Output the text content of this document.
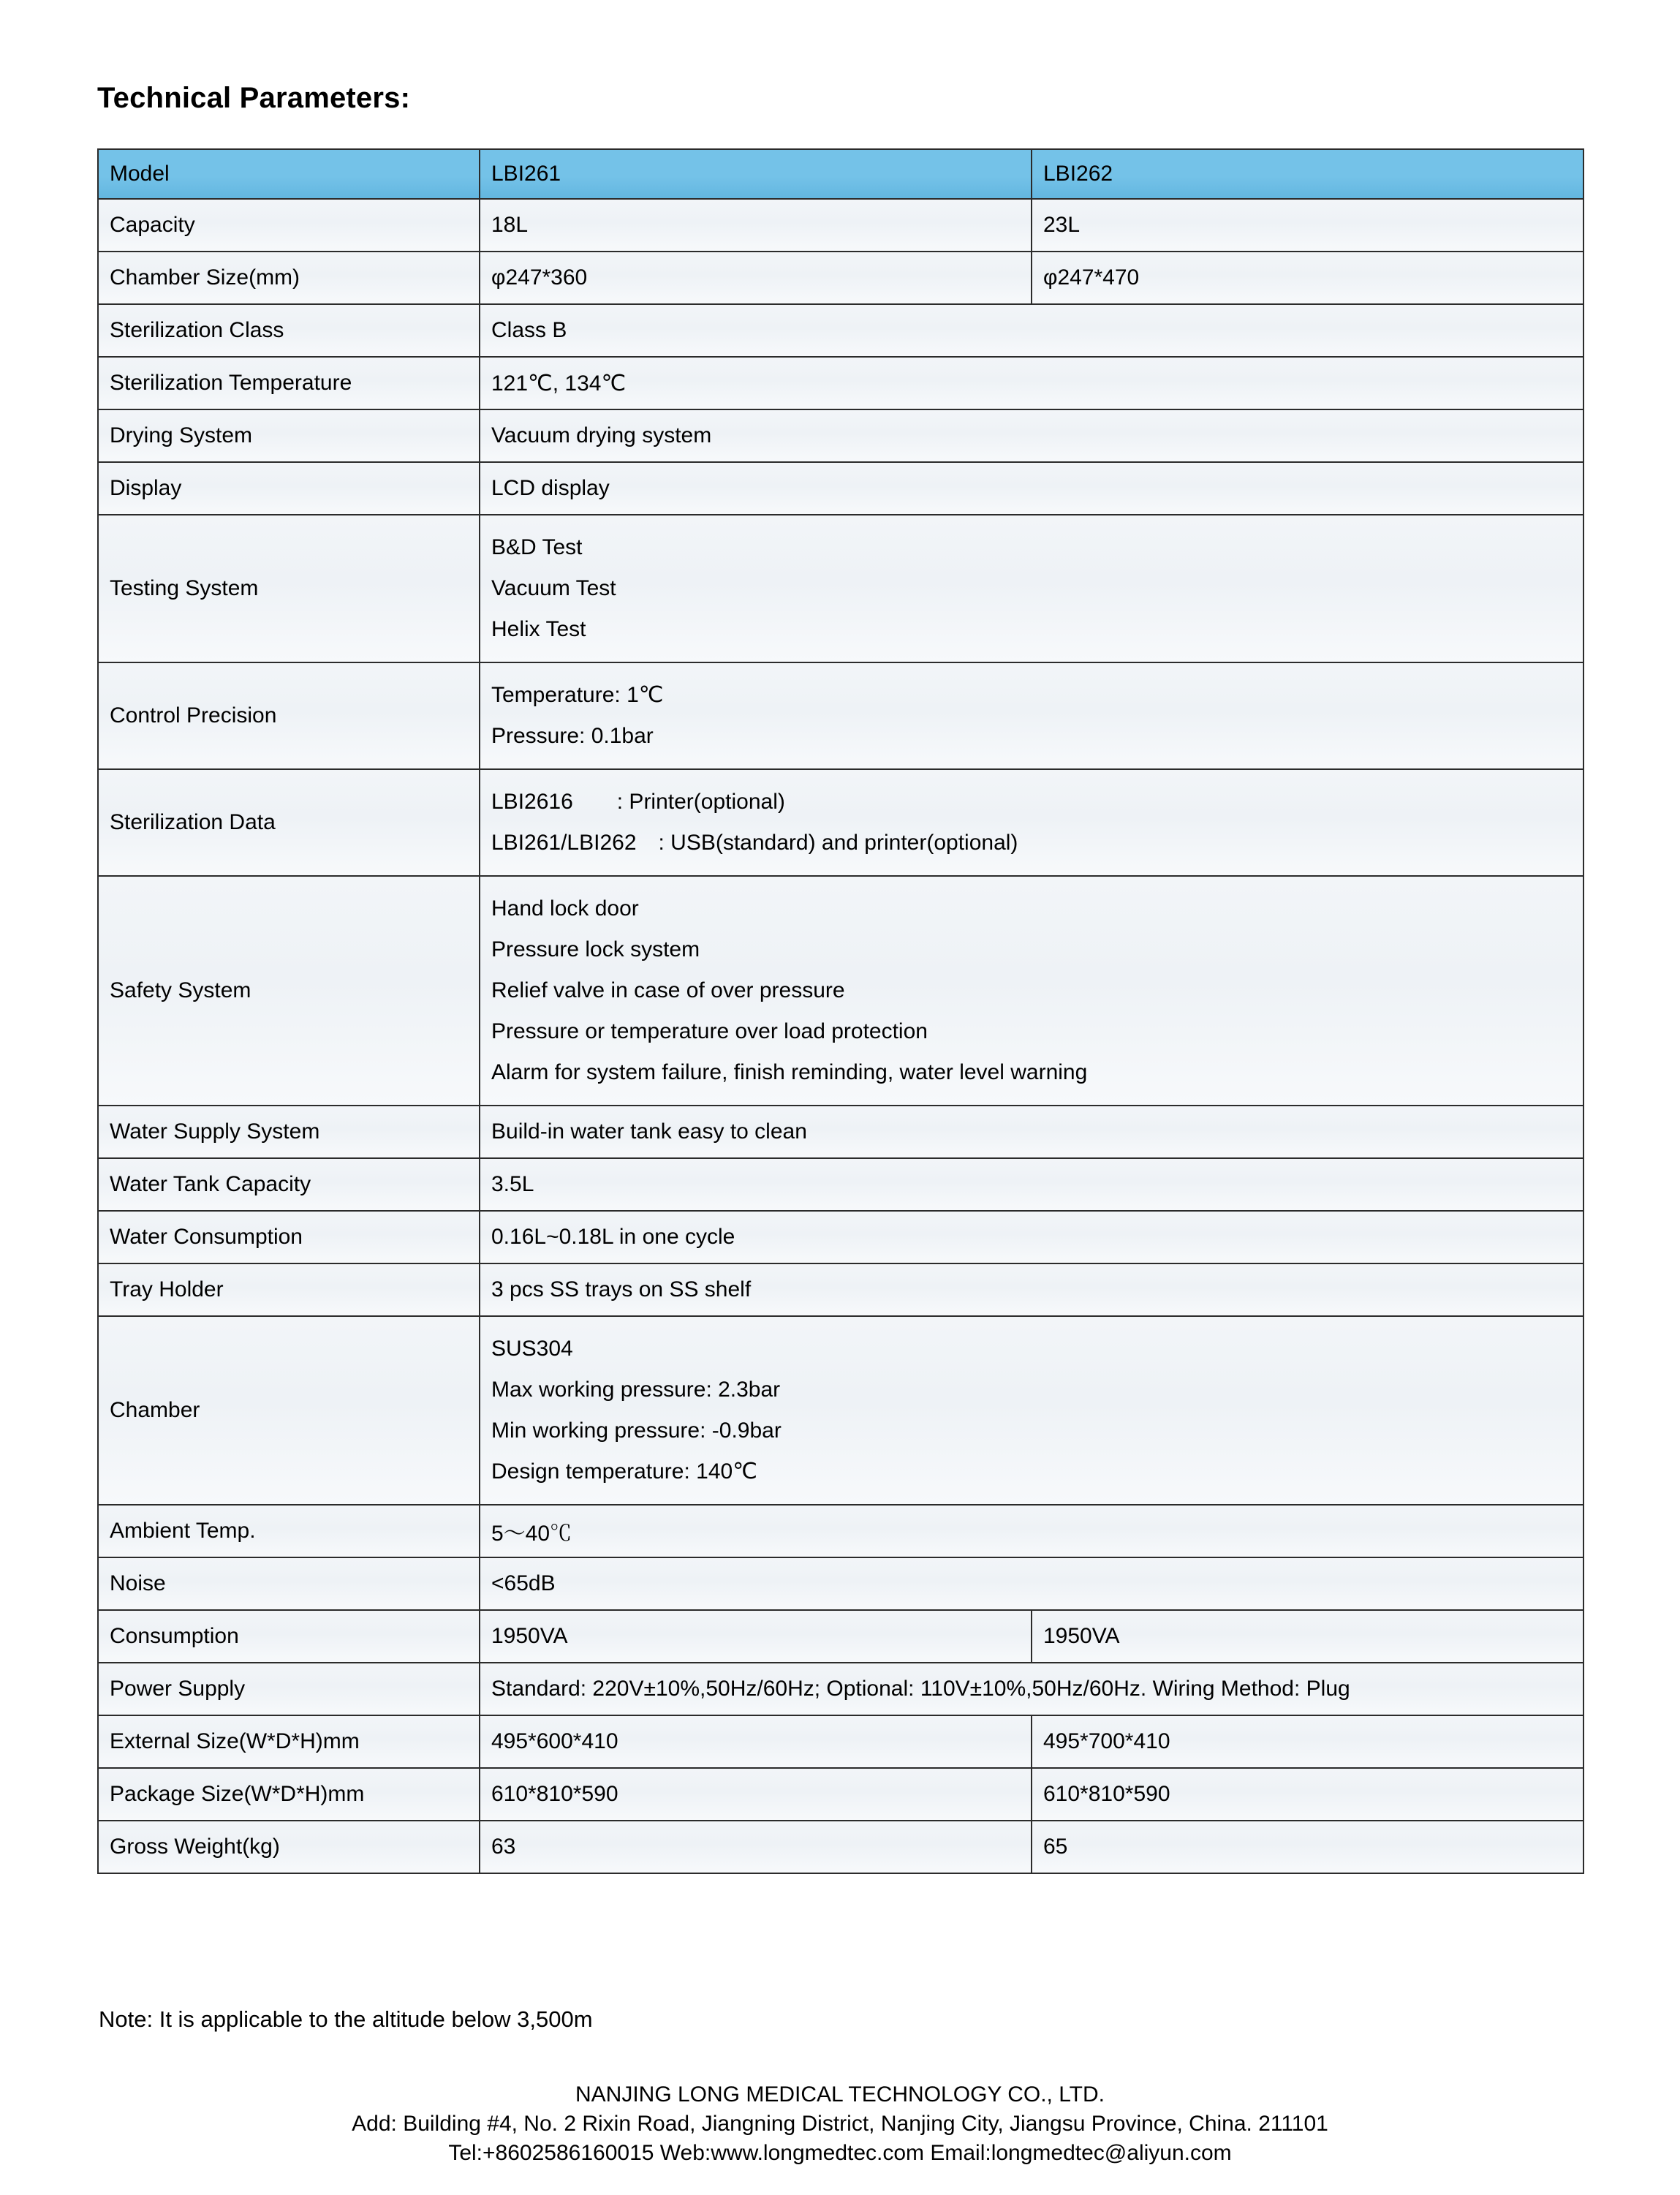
Technical Parameters:
Model	LBI261	LBI262
Capacity	18L	23L
Chamber Size(mm)	φ247*360	φ247*470
Sterilization Class	Class B	
Sterilization Temperature	121℃, 134℃	
Drying System	Vacuum drying system	
Display	LCD display	
Testing System	B&D Test
Vacuum Test
Helix Test	

Control Precision	Temperature: 1℃
Pressure: 0.1bar	

Sterilization Data	LBI2616　　: Printer(optional)
LBI261/LBI262　: USB(standard) and printer(optional)	

Safety System	Hand lock door
Pressure lock system
Relief valve in case of over pressure
Pressure or temperature over load protection
Alarm for system failure, finish reminding, water level warning	

Water Supply System	Build-in water tank easy to clean	
Water Tank Capacity	3.5L	
Water Consumption	0.16L~0.18L in one cycle	
Tray Holder	3 pcs SS trays on SS shelf	
Chamber	SUS304
Max working pressure: 2.3bar
Min working pressure: -0.9bar
Design temperature: 140℃	

Ambient Temp.	5～40℃	
Noise	<65dB	
Consumption	1950VA	1950VA
Power Supply	Standard: 220V±10%,50Hz/60Hz; Optional: 110V±10%,50Hz/60Hz. Wiring Method: Plug	
External Size(W*D*H)mm	495*600*410	495*700*410
Package Size(W*D*H)mm	610*810*590	610*810*590
Gross Weight(kg)	63	65
Note: It is applicable to the altitude below 3,500m
NANJING LONG MEDICAL TECHNOLOGY CO., LTD.
Add: Building #4, No. 2 Rixin Road, Jiangning District, Nanjing City, Jiangsu Province, China. 211101
Tel:+8602586160015 Web:www.longmedtec.com Email:longmedtec@aliyun.com
